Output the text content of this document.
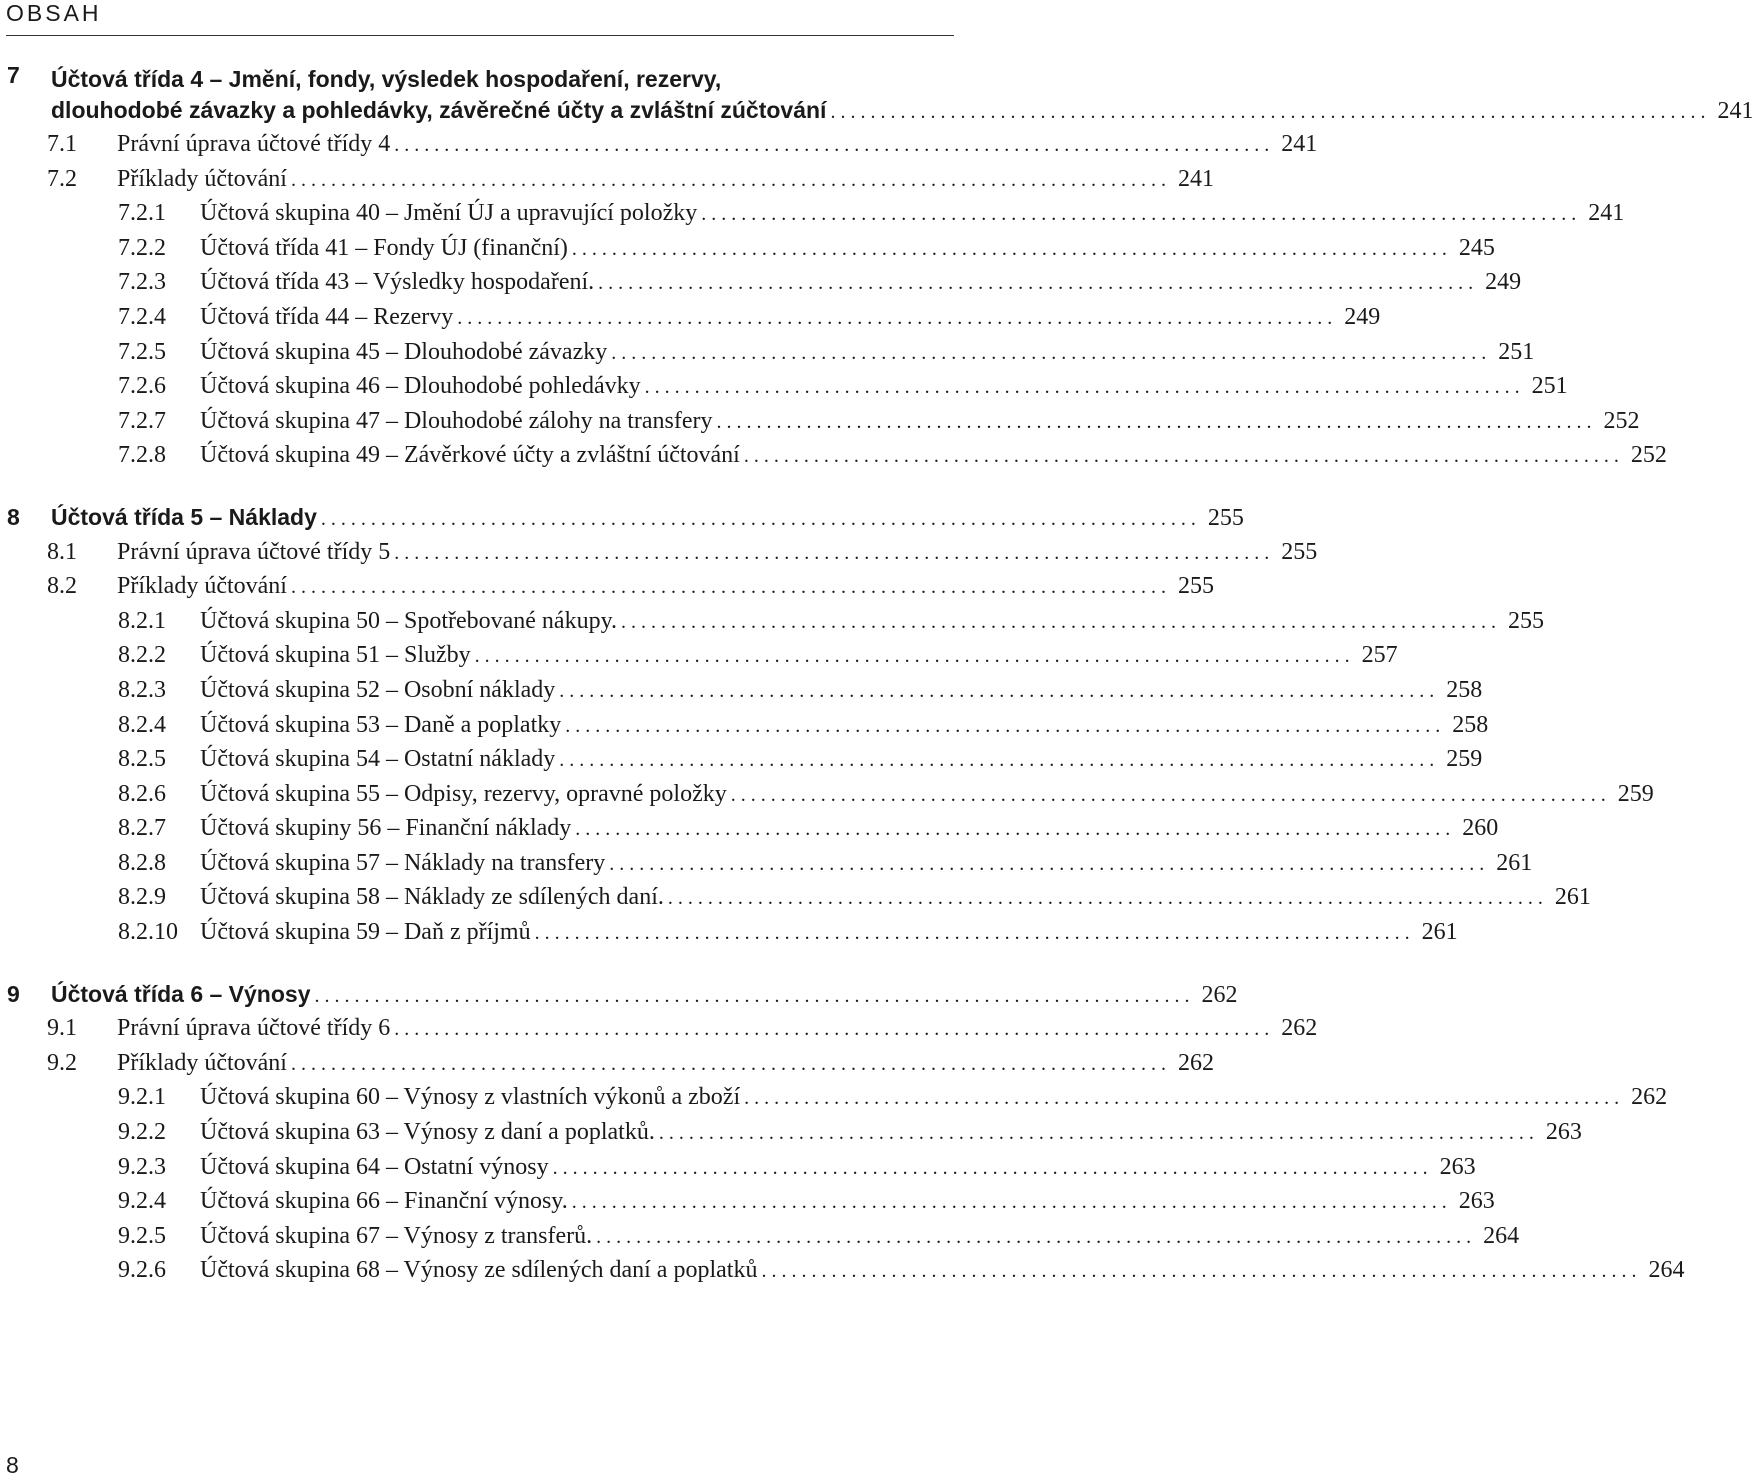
OBSAH
7	Účtová třída 4 – Jmění, fondy, výsledek hospodaření, rezervy,
dlouhodobé závazky a pohledávky, závěrečné účty a zvláštní zúčtování . . .	241
7.1	Právní úprava účtové třídy 4 . . .	241
7.2	Příklady účtování . . .	241
7.2.1	Účtová skupina 40 – Jmění ÚJ a upravující položky . . .	241
7.2.2	Účtová třída 41 – Fondy ÚJ (finanční) . . .	245
7.2.3	Účtová třída 43 – Výsledky hospodaření. . . .	249
7.2.4	Účtová třída 44 – Rezervy . . .	249
7.2.5	Účtová skupina 45 – Dlouhodobé závazky . . .	251
7.2.6	Účtová skupina 46 – Dlouhodobé pohledávky . . .	251
7.2.7	Účtová skupina 47 – Dlouhodobé zálohy na transfery . . .	252
7.2.8	Účtová skupina 49 – Závěrkové účty a zvláštní účtování . . .	252
8	Účtová třída 5 – Náklady . . .	255
8.1	Právní úprava účtové třídy 5 . . .	255
8.2	Příklady účtování . . .	255
8.2.1	Účtová skupina 50 – Spotřebované nákupy. . . .	255
8.2.2	Účtová skupina 51 – Služby . . .	257
8.2.3	Účtová skupina 52 – Osobní náklady . . .	258
8.2.4	Účtová skupina 53 – Daně a poplatky . . .	258
8.2.5	Účtová skupina 54 – Ostatní náklady . . .	259
8.2.6	Účtová skupina 55 – Odpisy, rezervy, opravné položky . . .	259
8.2.7	Účtová skupiny 56 – Finanční náklady . . .	260
8.2.8	Účtová skupina 57 – Náklady na transfery . . .	261
8.2.9	Účtová skupina 58 – Náklady ze sdílených daní. . . .	261
8.2.10 Účtová skupina 59 – Daň z příjmů . . .	261
9	Účtová třída 6 – Výnosy . . .	262
9.1	Právní úprava účtové třídy 6 . . .	262
9.2	Příklady účtování . . .	262
9.2.1	Účtová skupina 60 – Výnosy z vlastních výkonů a zboží . . .	262
9.2.2	Účtová skupina 63 – Výnosy z daní a poplatků. . . .	263
9.2.3	Účtová skupina 64 – Ostatní výnosy . . .	263
9.2.4	Účtová skupina 66 – Finanční výnosy. . . .	263
9.2.5	Účtová skupina 67 – Výnosy z transferů. . . .	264
9.2.6	Účtová skupina 68 – Výnosy ze sdílených daní a poplatků . . .	264
8
